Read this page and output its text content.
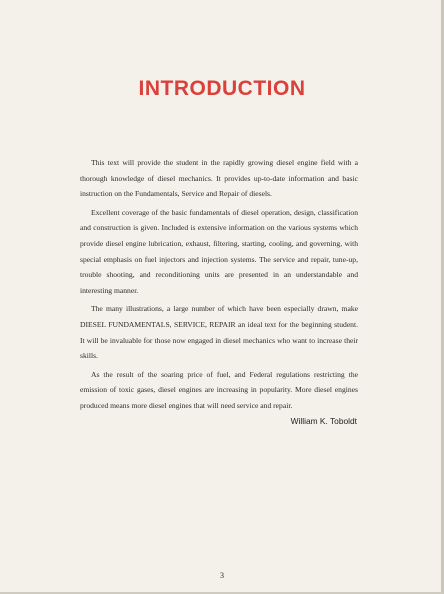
INTRODUCTION

This text will provide the student in the rapidly growing diesel engine field with a thorough knowledge of diesel mechanics. It provides up-to-date information and basic instruction on the Fundamentals, Service and Repair of diesels.

Excellent coverage of the basic fundamentals of diesel operation, design, classification and construction is given. Included is extensive information on the various systems which provide diesel engine lubrication, exhaust, filtering, starting, cooling, and governing, with special emphasis on fuel injectors and injection systems. The service and repair, tune-up, trouble shooting, and reconditioning units are presented in an understandable and interesting manner.

The many illustrations, a large number of which have been especially drawn, make DIESEL FUNDAMENTALS, SERVICE, REPAIR an ideal text for the beginning student. It will be invaluable for those now engaged in diesel mechanics who want to increase their skills.

As the result of the soaring price of fuel, and Federal regulations restricting the emission of toxic gases, diesel engines are increasing in popularity. More diesel engines produced means more diesel engines that will need service and repair.

William K. Toboldt
3
